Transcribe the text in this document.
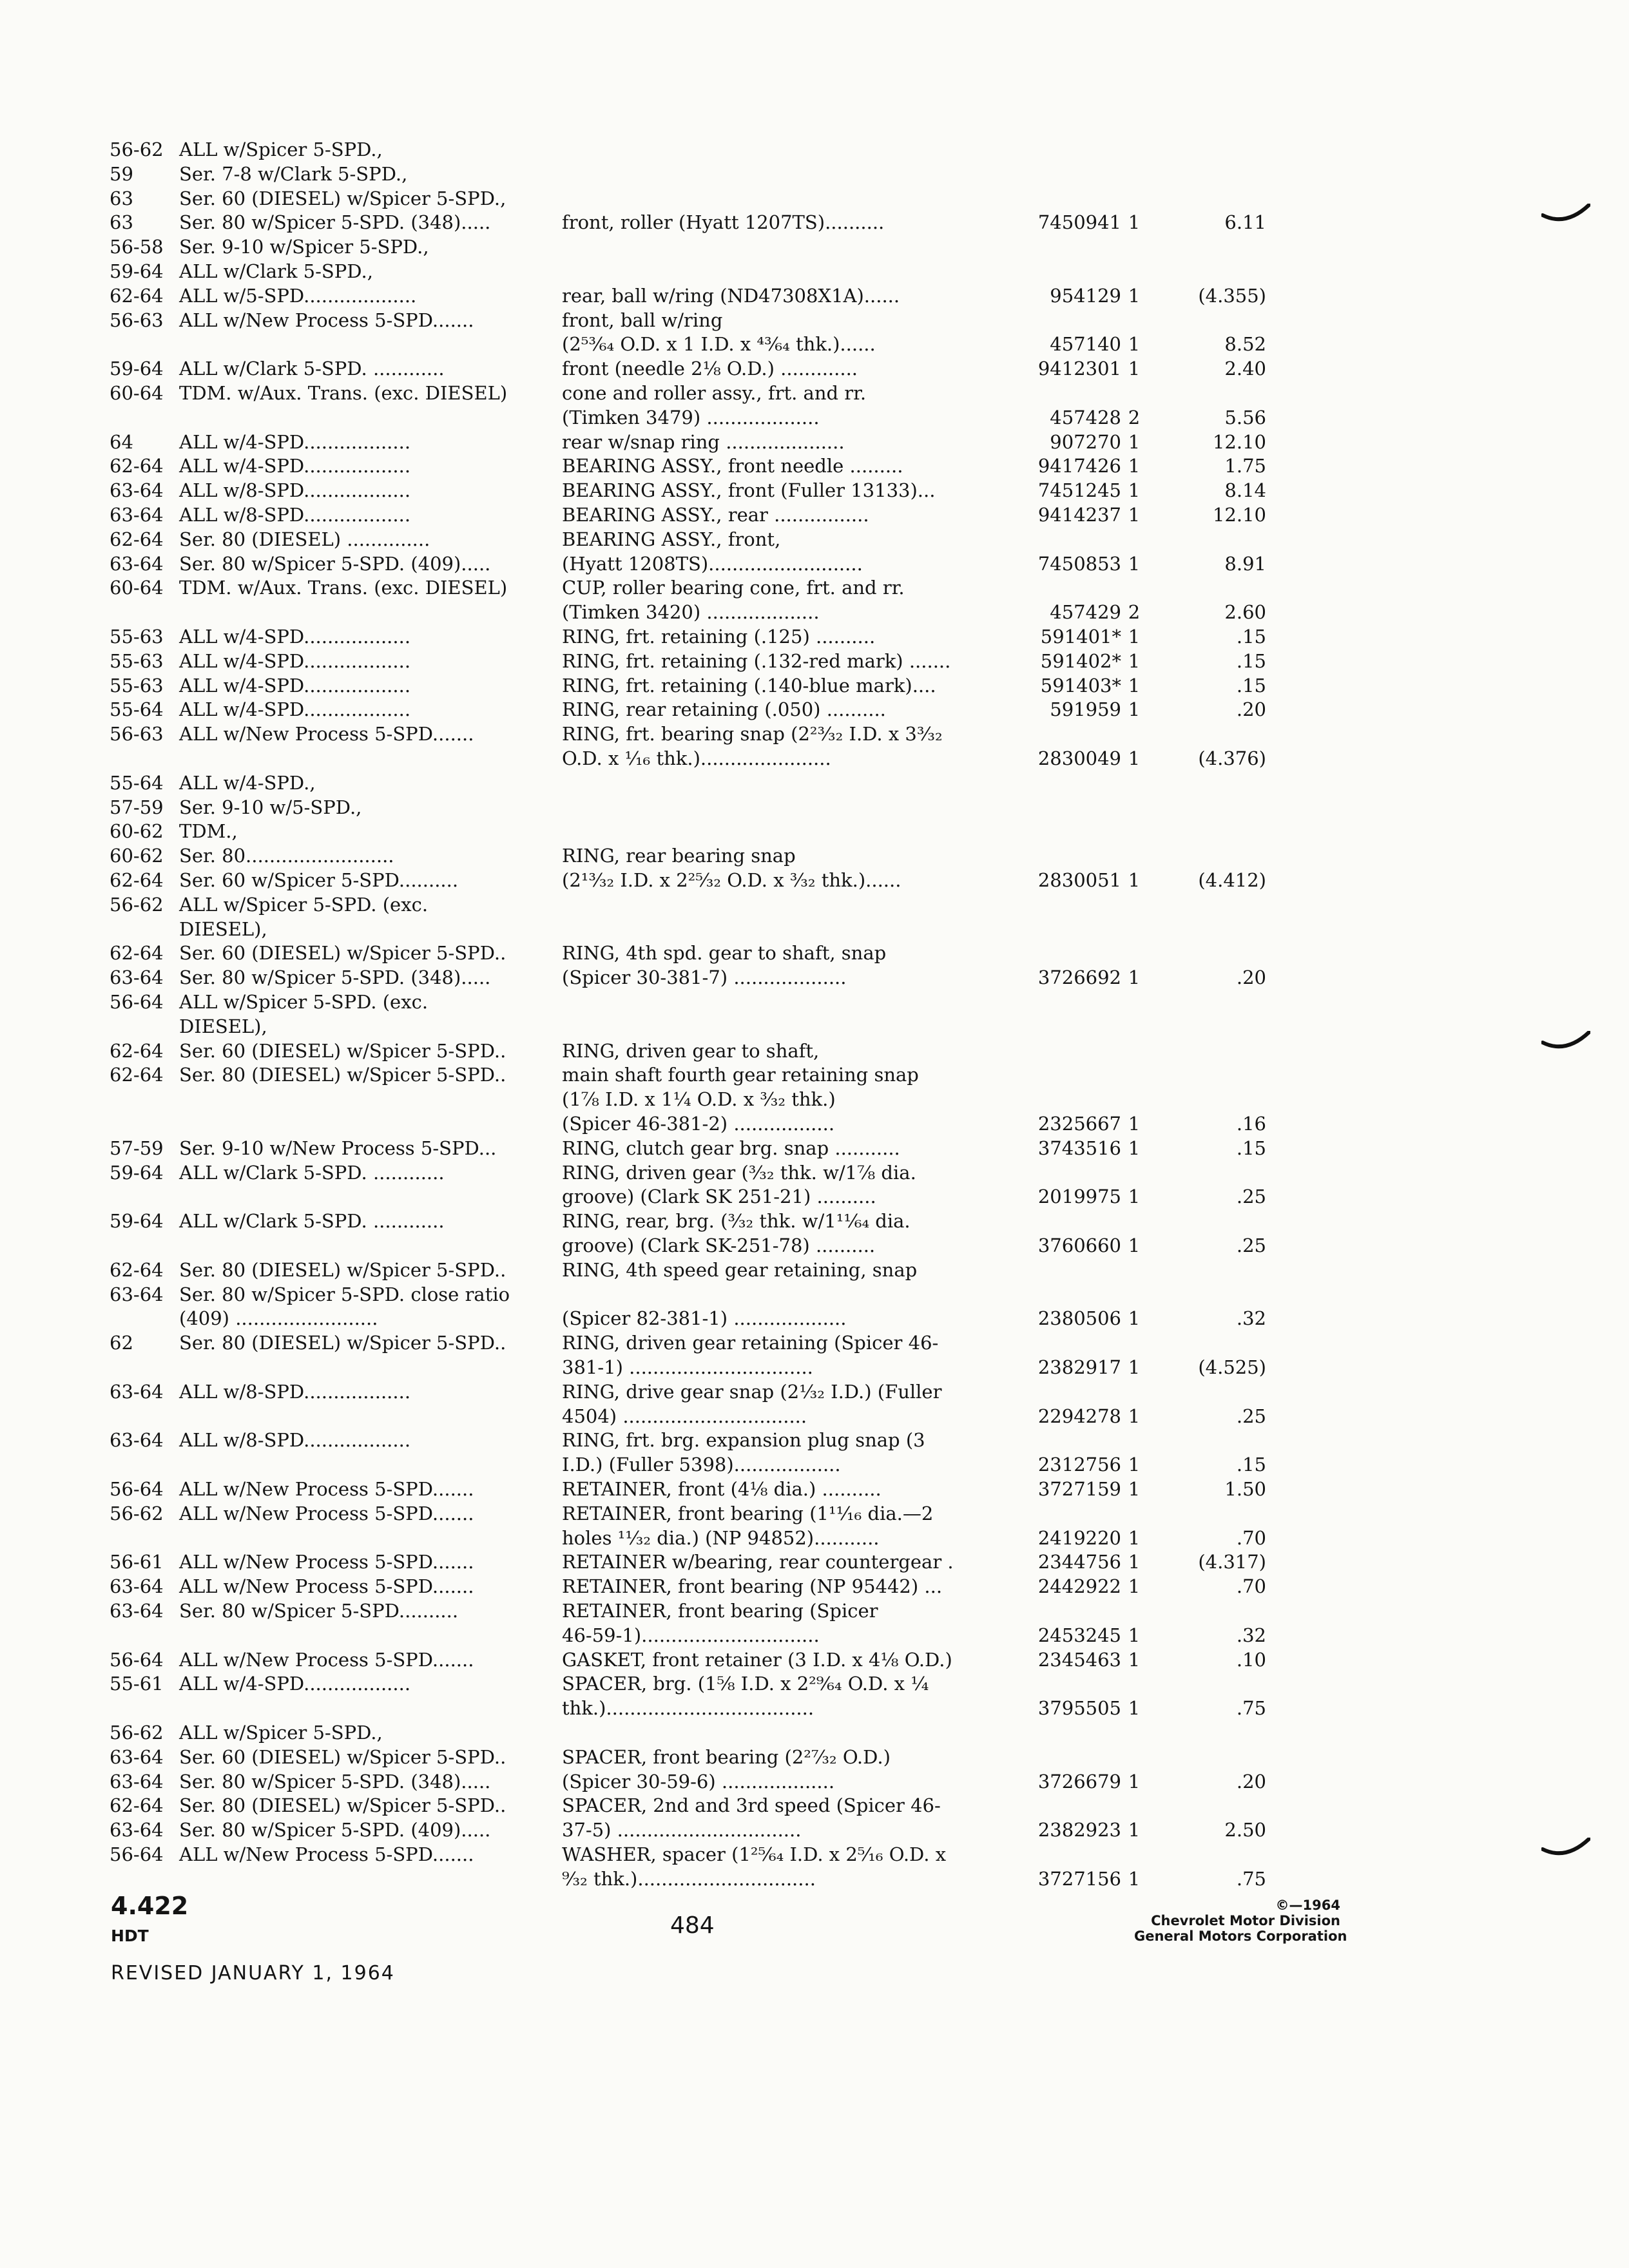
56-62 ALL w/Spicer 5-SPD.,
59 Ser. 7-8 w/Clark 5-SPD.,
63 Ser. 60 (DIESEL) w/Spicer 5-SPD.,
63 Ser. 80 w/Spicer 5-SPD. (348).....	front, roller (Hyatt 1207TS)..........	7450941 1	6.11
56-58 Ser. 9-10 w/Spicer 5-SPD.,
59-64 ALL w/Clark 5-SPD.,
62-64 ALL w/5-SPD...................	rear, ball w/ring (ND47308X1A)......	954129 1	(4.355)
56-63 ALL w/New Process 5-SPD.......	front, ball w/ring
(2⁵³⁄₆₄ O.D. x 1 I.D. x ⁴³⁄₆₄ thk.)......	457140 1	8.52
59-64 ALL w/Clark 5-SPD. ............	front (needle 2⅛ O.D.) .............	9412301 1	2.40
60-64 TDM. w/Aux. Trans. (exc. DIESEL)	cone and roller assy., frt. and rr.
(Timken 3479) ...................	457428 2	5.56
64 ALL w/4-SPD..................	rear w/snap ring ....................	907270 1	12.10
62-64 ALL w/4-SPD..................	BEARING ASSY., front needle .........	9417426 1	1.75
63-64 ALL w/8-SPD..................	BEARING ASSY., front (Fuller 13133)...	7451245 1	8.14
63-64 ALL w/8-SPD..................	BEARING ASSY., rear ................	9414237 1	12.10
62-64 Ser. 80 (DIESEL) ..............	BEARING ASSY., front,
63-64 Ser. 80 w/Spicer 5-SPD. (409).....	(Hyatt 1208TS)..........................	7450853 1	8.91
60-64 TDM. w/Aux. Trans. (exc. DIESEL)	CUP, roller bearing cone, frt. and rr.
(Timken 3420) ...................	457429 2	2.60
55-63 ALL w/4-SPD..................	RING, frt. retaining (.125) ..........	591401* 1	.15
55-63 ALL w/4-SPD..................	RING, frt. retaining (.132-red mark) .......	591402* 1	.15
55-63 ALL w/4-SPD..................	RING, frt. retaining (.140-blue mark)....	591403* 1	.15
55-64 ALL w/4-SPD..................	RING, rear retaining (.050) ..........	591959 1	.20
56-63 ALL w/New Process 5-SPD.......	RING, frt. bearing snap (2²³⁄₃₂ I.D. x 3³⁄₃₂
O.D. x ¹⁄₁₆ thk.)......................	2830049 1	(4.376)
55-64 ALL w/4-SPD.,
57-59 Ser. 9-10 w/5-SPD.,
60-62 TDM.,
60-62 Ser. 80.........................	RING, rear bearing snap
62-64 Ser. 60 w/Spicer 5-SPD..........	(2¹³⁄₃₂ I.D. x 2²⁵⁄₃₂ O.D. x ³⁄₃₂ thk.)......	2830051 1	(4.412)
56-62 ALL w/Spicer 5-SPD. (exc.
DIESEL),
62-64 Ser. 60 (DIESEL) w/Spicer 5-SPD..	RING, 4th spd. gear to shaft, snap
63-64 Ser. 80 w/Spicer 5-SPD. (348).....	(Spicer 30-381-7) ...................	3726692 1	.20
56-64 ALL w/Spicer 5-SPD. (exc.
DIESEL),
62-64 Ser. 60 (DIESEL) w/Spicer 5-SPD..	RING, driven gear to shaft,
62-64 Ser. 80 (DIESEL) w/Spicer 5-SPD..	main shaft fourth gear retaining snap
(1⅞ I.D. x 1¼ O.D. x ³⁄₃₂ thk.)
(Spicer 46-381-2) .................	2325667 1	.16
57-59 Ser. 9-10 w/New Process 5-SPD...	RING, clutch gear brg. snap ...........	3743516 1	.15
59-64 ALL w/Clark 5-SPD. ............	RING, driven gear (³⁄₃₂ thk. w/1⅞ dia.
groove) (Clark SK 251-21) ..........	2019975 1	.25
59-64 ALL w/Clark 5-SPD. ............	RING, rear, brg. (³⁄₃₂ thk. w/1¹¹⁄₆₄ dia.
groove) (Clark SK-251-78) ..........	3760660 1	.25
62-64 Ser. 80 (DIESEL) w/Spicer 5-SPD..	RING, 4th speed gear retaining, snap
63-64 Ser. 80 w/Spicer 5-SPD. close ratio
(409) ........................	(Spicer 82-381-1) ...................	2380506 1	.32
62 Ser. 80 (DIESEL) w/Spicer 5-SPD..	RING, driven gear retaining (Spicer 46-
381-1) ...............................	2382917 1	(4.525)
63-64 ALL w/8-SPD..................	RING, drive gear snap (2¹⁄₃₂ I.D.) (Fuller
4504) ...............................	2294278 1	.25
63-64 ALL w/8-SPD..................	RING, frt. brg. expansion plug snap (3
I.D.) (Fuller 5398)..................	2312756 1	.15
56-64 ALL w/New Process 5-SPD.......	RETAINER, front (4⅛ dia.) ..........	3727159 1	1.50
56-62 ALL w/New Process 5-SPD.......	RETAINER, front bearing (1¹¹⁄₁₆ dia.—2
holes ¹¹⁄₃₂ dia.) (NP 94852)...........	2419220 1	.70
56-61 ALL w/New Process 5-SPD.......	RETAINER w/bearing, rear countergear .	2344756 1	(4.317)
63-64 ALL w/New Process 5-SPD.......	RETAINER, front bearing (NP 95442) ...	2442922 1	.70
63-64 Ser. 80 w/Spicer 5-SPD..........	RETAINER, front bearing (Spicer
46-59-1)..............................	2453245 1	.32
56-64 ALL w/New Process 5-SPD.......	GASKET, front retainer (3 I.D. x 4⅛ O.D.)	2345463 1	.10
55-61 ALL w/4-SPD..................	SPACER, brg. (1⅝ I.D. x 2²⁹⁄₆₄ O.D. x ¼
thk.)...................................	3795505 1	.75
56-62 ALL w/Spicer 5-SPD.,
63-64 Ser. 60 (DIESEL) w/Spicer 5-SPD..	SPACER, front bearing (2²⁷⁄₃₂ O.D.)
63-64 Ser. 80 w/Spicer 5-SPD. (348).....	(Spicer 30-59-6) ...................	3726679 1	.20
62-64 Ser. 80 (DIESEL) w/Spicer 5-SPD..	SPACER, 2nd and 3rd speed (Spicer 46-
63-64 Ser. 80 w/Spicer 5-SPD. (409).....	37-5) ...............................	2382923 1	2.50
56-64 ALL w/New Process 5-SPD.......	WASHER, spacer (1²⁵⁄₆₄ I.D. x 2⁵⁄₁₆ O.D. x
⁹⁄₃₂ thk.)..............................	3727156 1	.75
4.422
HDT
REVISED JANUARY 1, 1964
484
©—1964
Chevrolet Motor Division
General Motors Corporation
